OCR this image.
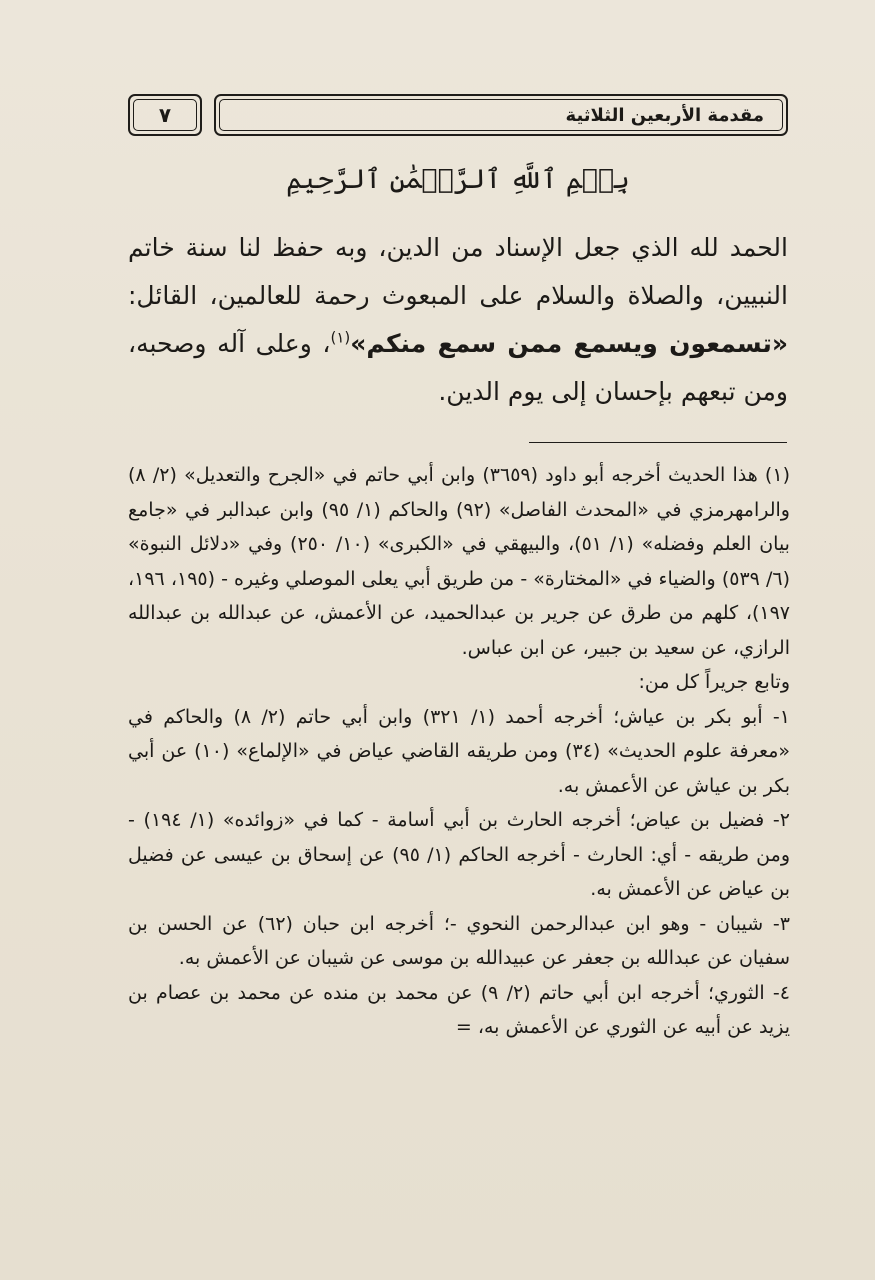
مقدمة الأربعين الثلاثية
٧
بِسۡمِ ٱللَّهِ ٱلرَّحۡمَٰنِ ٱلرَّحِيمِ
الحمد لله الذي جعل الإسناد من الدين، وبه حفظ لنا سنة خاتم النبيين، والصلاة والسلام على المبعوث رحمة للعالمين، القائل: «تسمعون ويسمع ممن سمع منكم»$^{(١)}$، وعلى آله وصحبه، ومن تبعهم بإحسان إلى يوم الدين.

(١) هذا الحديث أخرجه أبو داود (٣٦٥٩) وابن أبي حاتم في «الجرح والتعديل» (٢/ ٨) والرامهرمزي في «المحدث الفاصل» (٩٢) والحاكم (١/ ٩٥) وابن عبدالبر في «جامع بيان العلم وفضله» (١/ ٥١)، والبيهقي في «الكبرى» (١٠/ ٢٥٠) وفي «دلائل النبوة» (٦/ ٥٣٩) والضياء في «المختارة» - من طريق أبي يعلى الموصلي وغيره - (١٩٥، ١٩٦، ١٩٧)، كلهم من طرق عن جرير بن عبدالحميد، عن الأعمش، عن عبدالله بن عبدالله الرازي، عن سعيد بن جبير، عن ابن عباس.

وتابع جريراً كل من:

١- أبو بكر بن عياش؛ أخرجه أحمد (١/ ٣٢١) وابن أبي حاتم (٢/ ٨) والحاكم في «معرفة علوم الحديث» (٣٤) ومن طريقه القاضي عياض في «الإلماع» (١٠) عن أبي بكر بن عياش عن الأعمش به.

٢- فضيل بن عياض؛ أخرجه الحارث بن أبي أسامة - كما في «زوائده» (١/ ١٩٤) - ومن طريقه - أي: الحارث - أخرجه الحاكم (١/ ٩٥) عن إسحاق بن عيسى عن فضيل بن عياض عن الأعمش به.

٣- شيبان - وهو ابن عبدالرحمن النحوي -؛ أخرجه ابن حبان (٦٢) عن الحسن بن سفيان عن عبدالله بن جعفر عن عبيدالله بن موسى عن شيبان عن الأعمش به.

٤- الثوري؛ أخرجه ابن أبي حاتم (٢/ ٩) عن محمد بن منده عن محمد بن عصام بن يزيد عن أبيه عن الثوري عن الأعمش به، =
